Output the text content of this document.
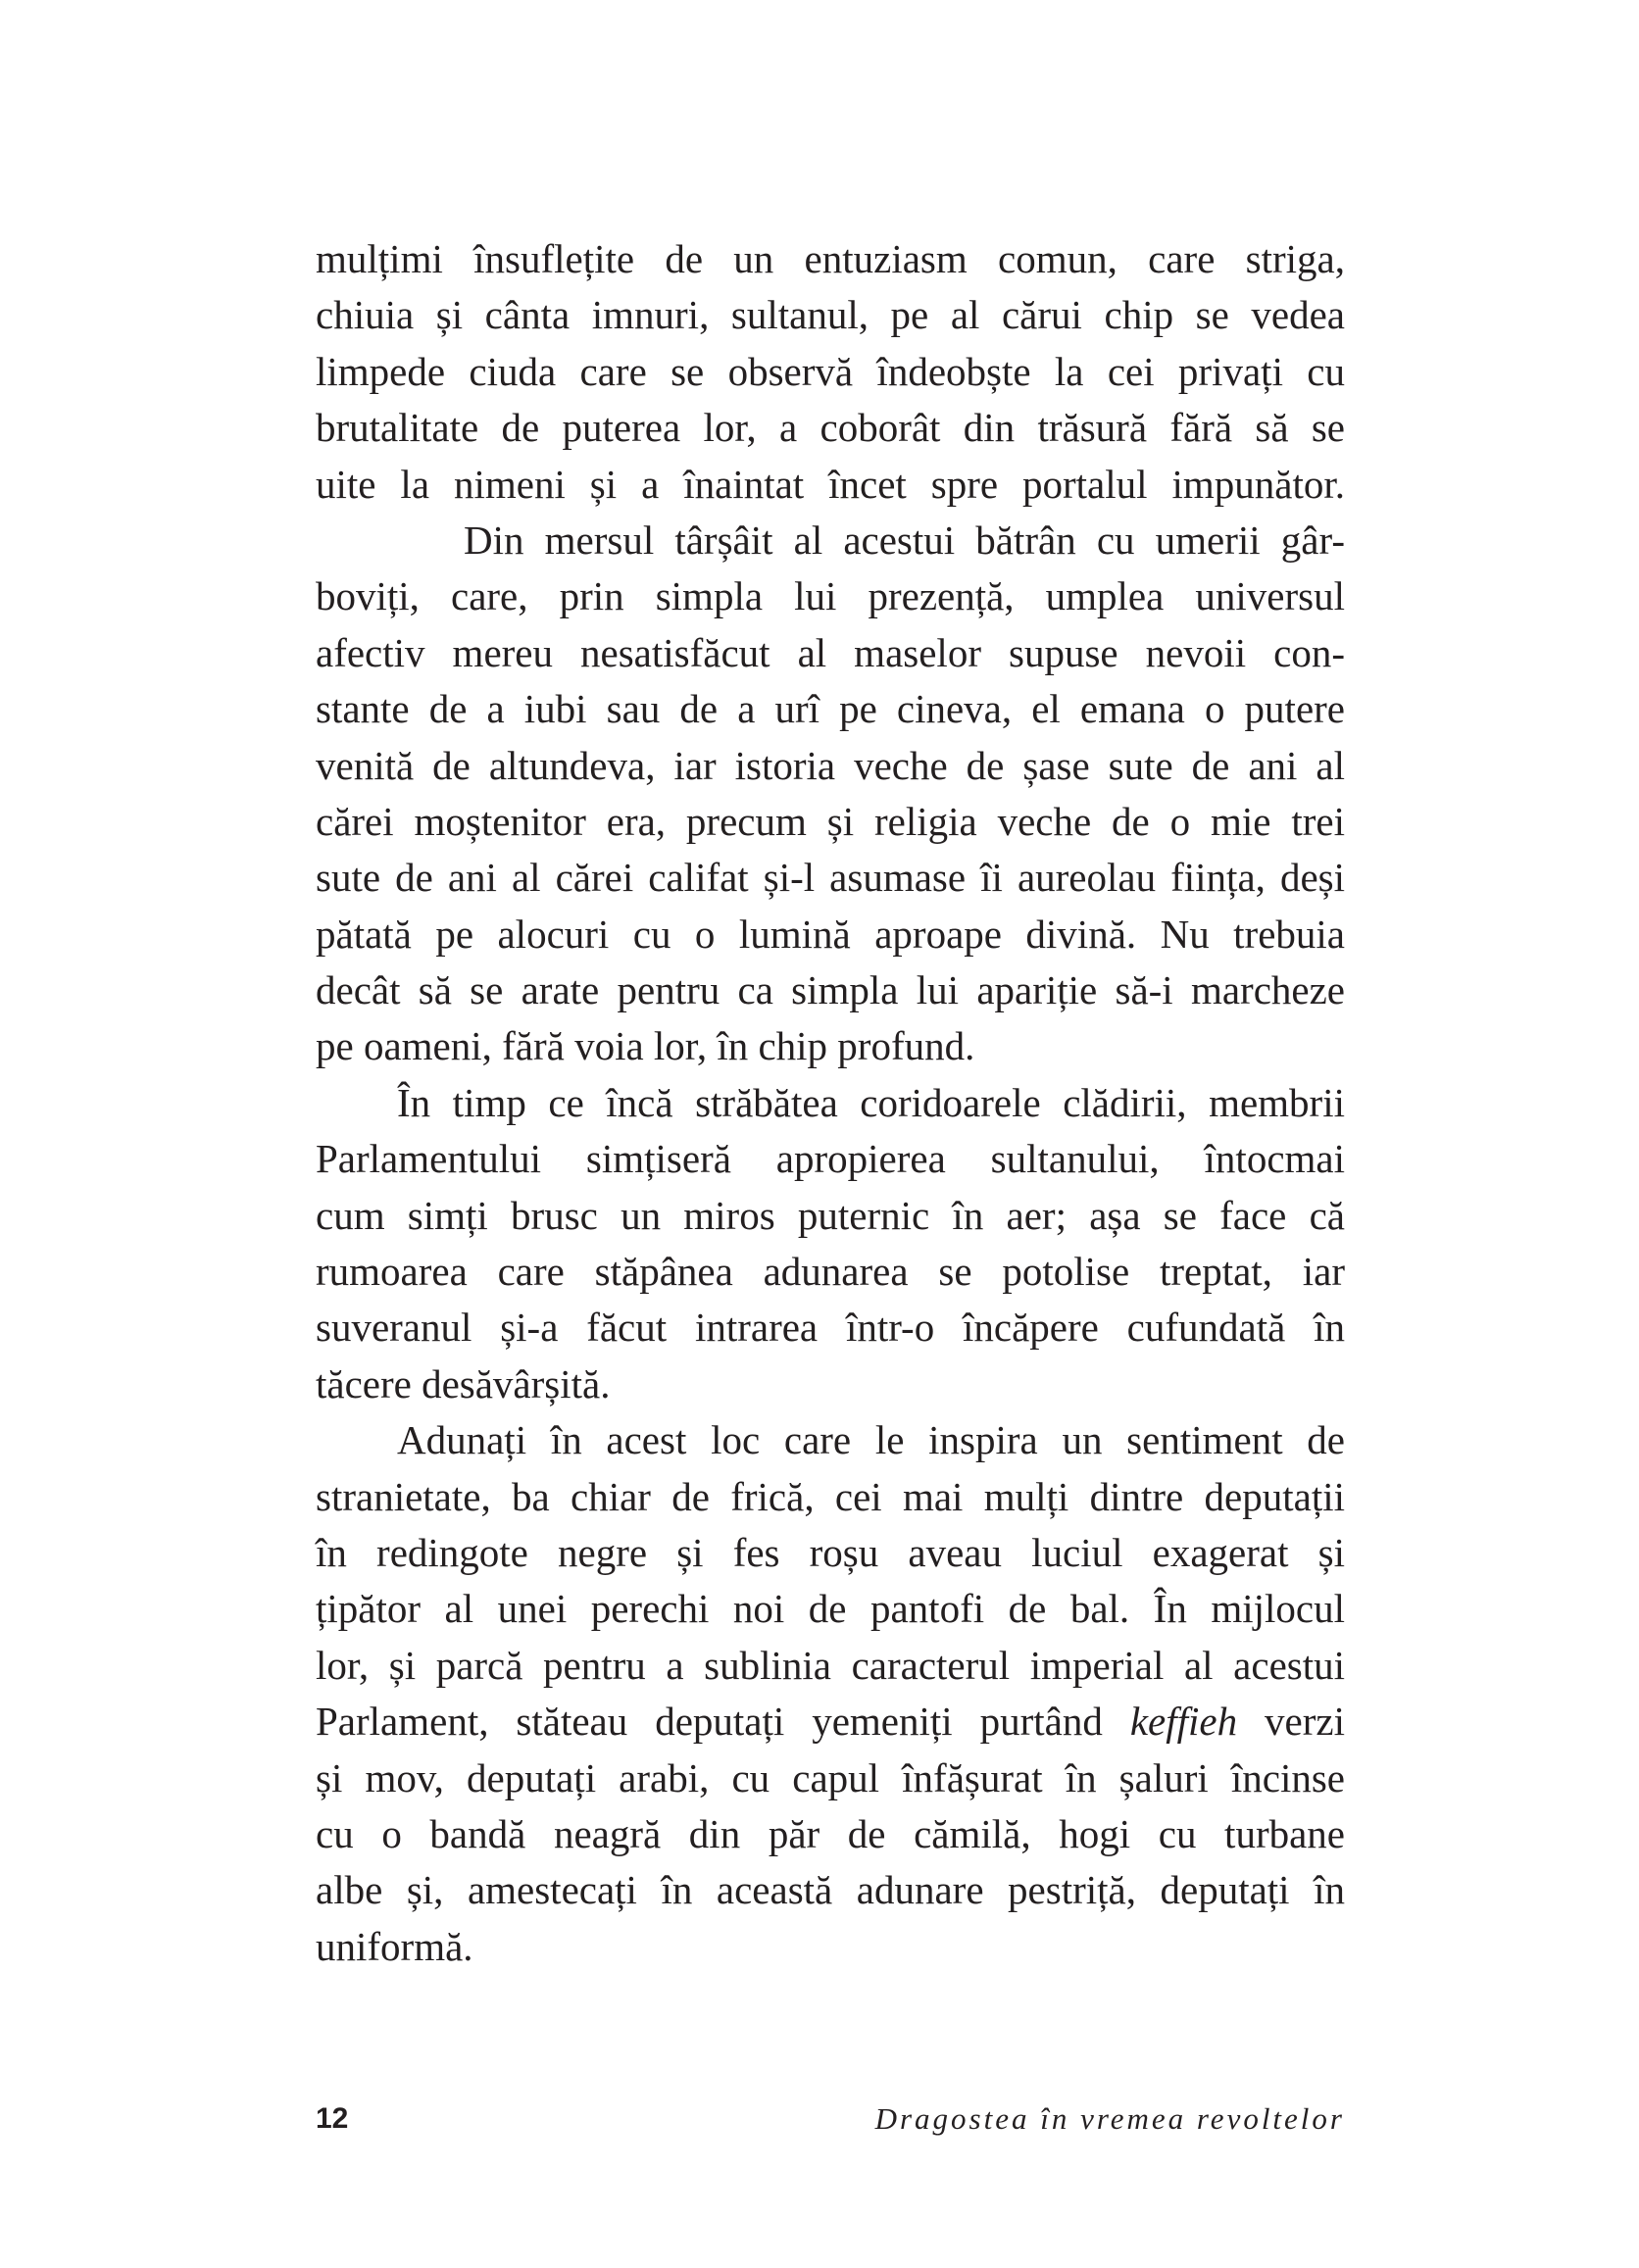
mulțimi însuflețite de un entuziasm comun, care striga,
chiuia și cânta imnuri, sultanul, pe al cărui chip se vedea
limpede ciuda care se observă îndeobște la cei privați cu
brutalitate de puterea lor, a coborât din trăsură fără să se
uite la nimeni și a înaintat încet spre portalul impunător.
Din mersul târșâit al acestui bătrân cu umerii gâr-
boviți, care, prin simpla lui prezență, umplea universul
afectiv mereu nesatisfăcut al maselor supuse nevoii con-
stante de a iubi sau de a urî pe cineva, el emana o putere
venită de altundeva, iar istoria veche de șase sute de ani al
cărei moștenitor era, precum și religia veche de o mie trei
sute de ani al cărei califat și-l asumase îi aureolau ființa, deși
pătată pe alocuri cu o lumină aproape divină. Nu trebuia
decât să se arate pentru ca simpla lui apariție să-i marcheze
pe oameni, fără voia lor, în chip profund.
În timp ce încă străbătea coridoarele clădirii, membrii
Parlamentului simțiseră apropierea sultanului, întocmai
cum simți brusc un miros puternic în aer; așa se face că
rumoarea care stăpânea adunarea se potolise treptat, iar
suveranul și-a făcut intrarea într-o încăpere cufundată în
tăcere desăvârșită.
Adunați în acest loc care le inspira un sentiment de
stranietate, ba chiar de frică, cei mai mulți dintre deputații
în redingote negre și fes roșu aveau luciul exagerat și
țipător al unei perechi noi de pantofi de bal. În mijlocul
lor, și parcă pentru a sublinia caracterul imperial al acestui
Parlament, stăteau deputați yemeniți purtând keffieh verzi
și mov, deputați arabi, cu capul înfășurat în șaluri încinse
cu o bandă neagră din păr de cămilă, hogi cu turbane
albe și, amestecați în această adunare pestriță, deputați în
uniformă.
12	Dragostea în vremea revoltelor
